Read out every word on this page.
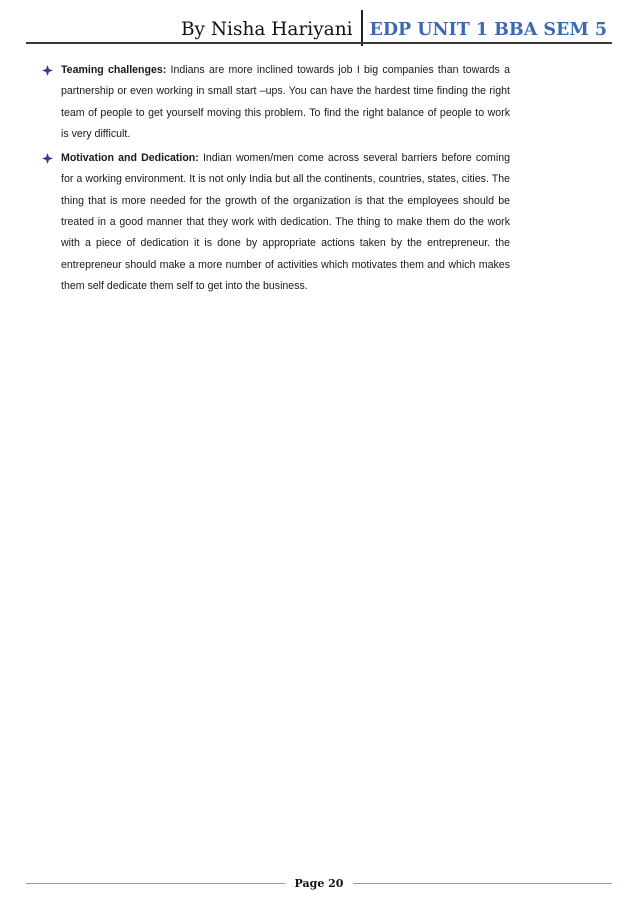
By Nisha Hariyani EDP UNIT 1 BBA SEM 5
Teaming challenges: Indians are more inclined towards job I big companies than towards a partnership or even working in small start –ups. You can have the hardest time finding the right team of people to get yourself moving this problem. To find the right balance of people to work is very difficult.
Motivation and Dedication: Indian women/men come across several barriers before coming for a working environment. It is not only India but all the continents, countries, states, cities. The thing that is more needed for the growth of the organization is that the employees should be treated in a good manner that they work with dedication. The thing to make them do the work with a piece of dedication it is done by appropriate actions taken by the entrepreneur. the entrepreneur should make a more number of activities which motivates them and which makes them self dedicate them self to get into the business.
Page 20
